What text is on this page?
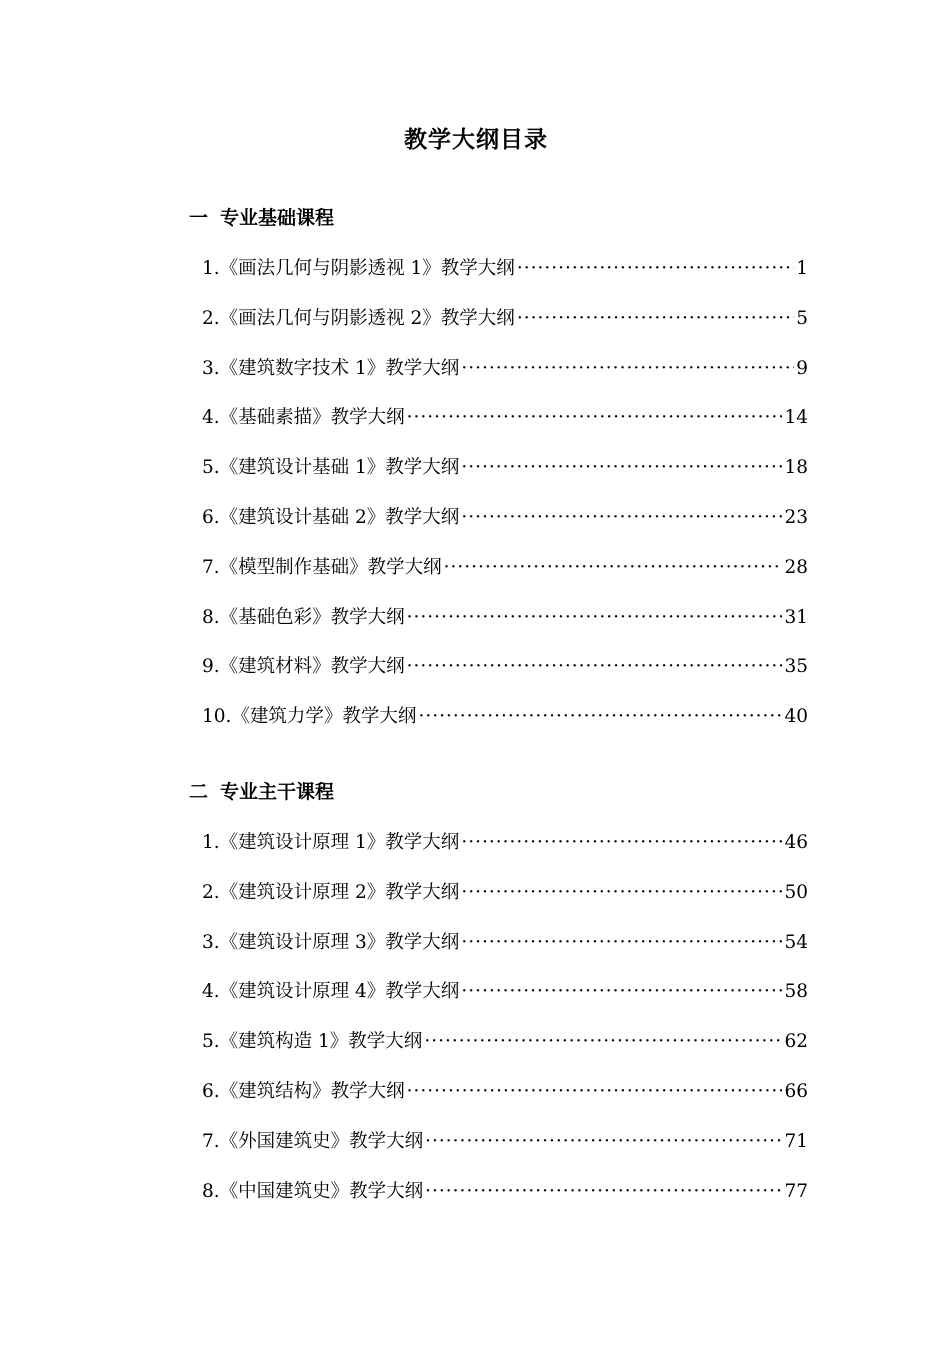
教学大纲目录
一 专业基础课程
1.《画法几何与阴影透视 1》教学大纲 ·····	1
2.《画法几何与阴影透视 2》教学大纲 ·····	5
3.《建筑数字技术 1》教学大纲 ·····	9
4.《基础素描》教学大纲 ·····	14
5.《建筑设计基础 1》教学大纲 ·····	18
6.《建筑设计基础 2》教学大纲 ·····	23
7.《模型制作基础》教学大纲 ·····	28
8.《基础色彩》教学大纲 ·····	31
9.《建筑材料》教学大纲 ·····	35
10.《建筑力学》教学大纲 ·····	40
二 专业主干课程
1.《建筑设计原理 1》教学大纲 ·····	46
2.《建筑设计原理 2》教学大纲 ·····	50
3.《建筑设计原理 3》教学大纲 ·····	54
4.《建筑设计原理 4》教学大纲 ·····	58
5.《建筑构造 1》教学大纲 ·····	62
6.《建筑结构》教学大纲 ·····	66
7.《外国建筑史》教学大纲 ·····	71
8.《中国建筑史》教学大纲 ·····	77
